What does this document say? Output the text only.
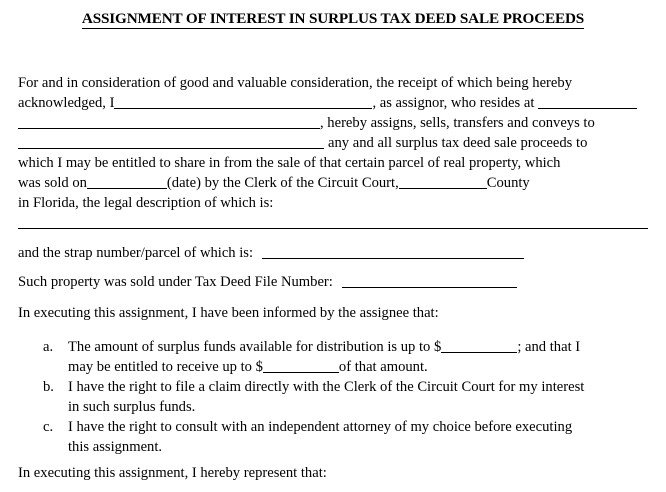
ASSIGNMENT OF INTEREST IN SURPLUS TAX DEED SALE PROCEEDS
For and in consideration of good and valuable consideration, the receipt of which being hereby
acknowledged, I	, as assignor, who resides at
, hereby assigns, sells, transfers and conveys to
any and all surplus tax deed sale proceeds to
which I may be entitled to share in from the sale of that certain parcel of real property, which
was sold on	(date) by the Clerk of the Circuit Court,	County
in Florida, the legal description of which is:
and the strap number/parcel of which is:
Such property was sold under Tax Deed File Number:
In executing this assignment, I have been informed by the assignee that:
a.	The amount of surplus funds available for distribution is up to $	; and that I
may be entitled to receive up to $	of that amount.
b. I have the right to file a claim directly with the Clerk of the Circuit Court for my interest
in such surplus funds.
c.	I have the right to consult with an independent attorney of my choice before executing
this assignment.
In executing this assignment, I hereby represent that:
